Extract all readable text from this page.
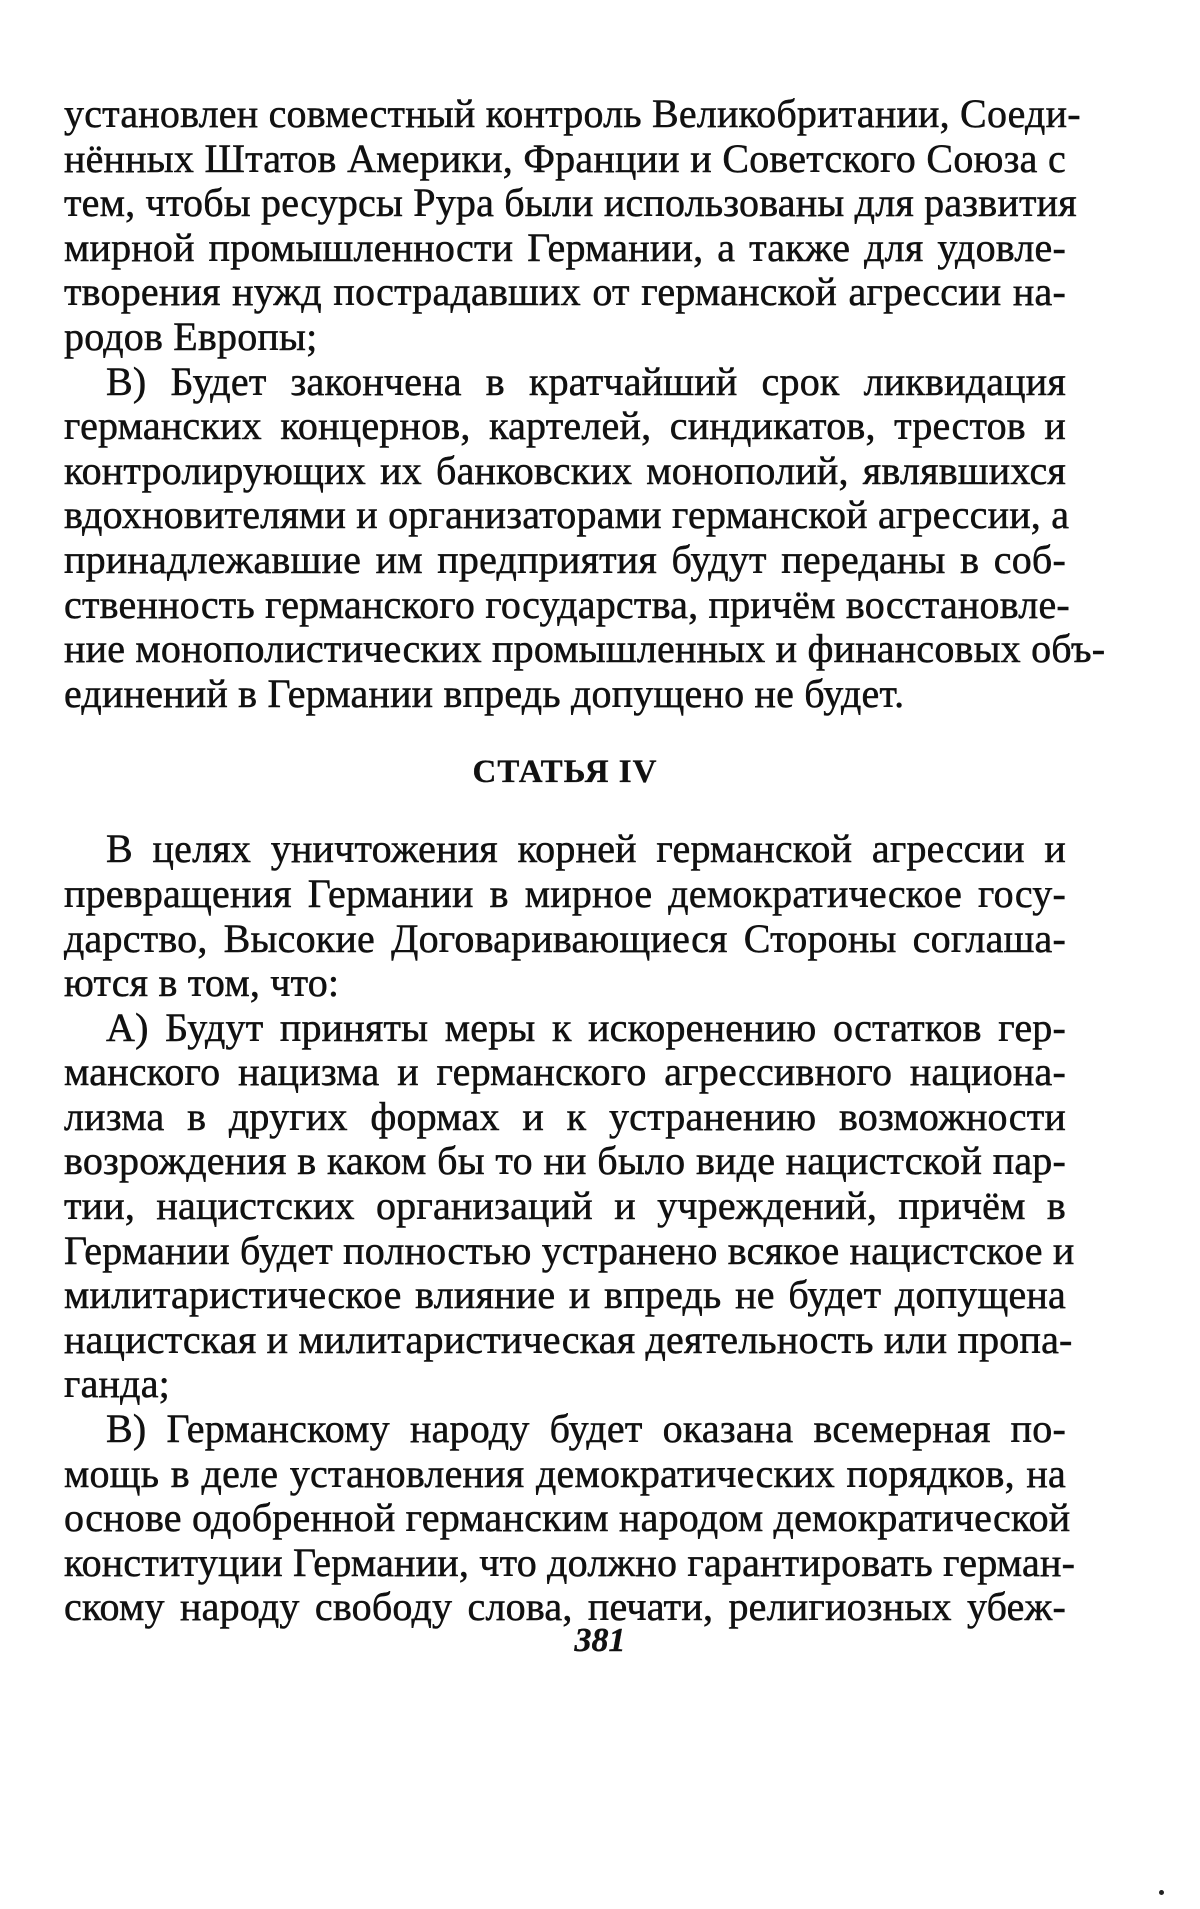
установлен совместный контроль Великобритании, Соеди-
нённых Штатов Америки, Франции и Советского Союза с
тем, чтобы ресурсы Рура были использованы для развития
мирной промышленности Германии, а также для удовле-
творения нужд пострадавших от германской агрессии на-
родов Европы;
В) Будет закончена в кратчайший срок ликвидация
германских концернов, картелей, синдикатов, трестов и
контролирующих их банковских монополий, являвшихся
вдохновителями и организаторами германской агрессии, а
принадлежавшие им предприятия будут переданы в соб-
ственность германского государства, причём восстановле-
ние монополистических промышленных и финансовых объ-
единений в Германии впредь допущено не будет.
СТАТЬЯ IV
В целях уничтожения корней германской агрессии и
превращения Германии в мирное демократическое госу-
дарство, Высокие Договаривающиеся Стороны соглаша-
ются в том, что:
А) Будут приняты меры к искоренению остатков гер-
манского нацизма и германского агрессивного национа-
лизма в других формах и к устранению возможности
возрождения в каком бы то ни было виде нацистской пар-
тии, нацистских организаций и учреждений, причём в
Германии будет полностью устранено всякое нацистское и
милитаристическое влияние и впредь не будет допущена
нацистская и милитаристическая деятельность или пропа-
ганда;
В) Германскому народу будет оказана всемерная по-
мощь в деле установления демократических порядков, на
основе одобренной германским народом демократической
конституции Германии, что должно гарантировать герман-
скому народу свободу слова, печати, религиозных убеж-
381
